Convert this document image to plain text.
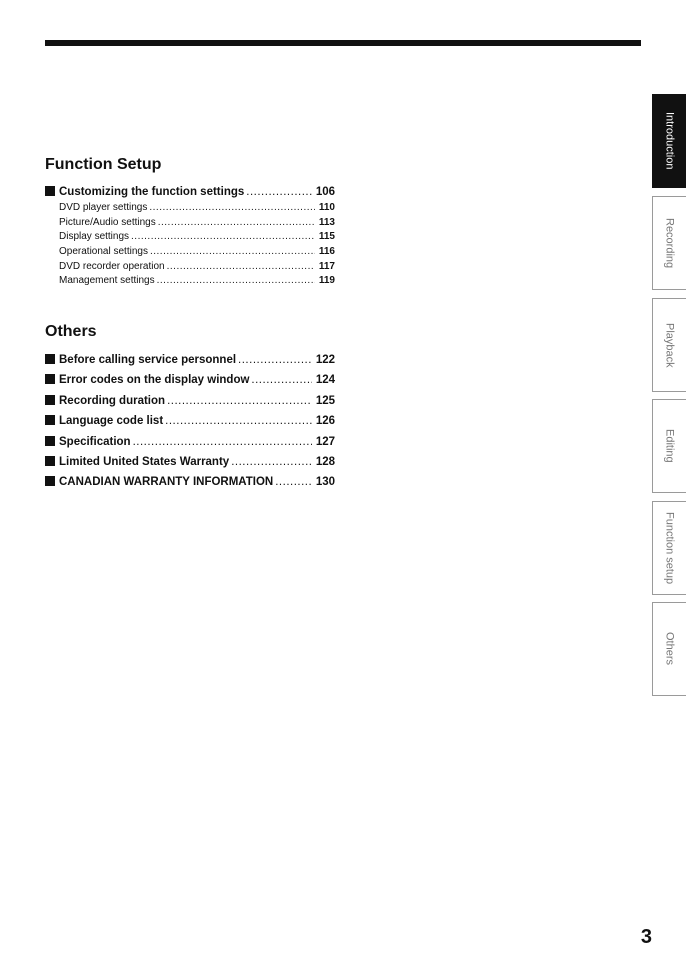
Function Setup
Customizing the function settings .....	106
DVD player settings .....	110
Picture/Audio settings .....	113
Display settings .....	115
Operational settings .....	116
DVD recorder operation .....	117
Management settings .....	119
Others
Before calling service personnel .....	122
Error codes on the display window .....	124
Recording duration .....	125
Language code list .....	126
Specification .....	127
Limited United States Warranty .....	128
CANADIAN WARRANTY INFORMATION .....	130
Introduction
Recording
Playback
Editing
Function setup
Others
3
